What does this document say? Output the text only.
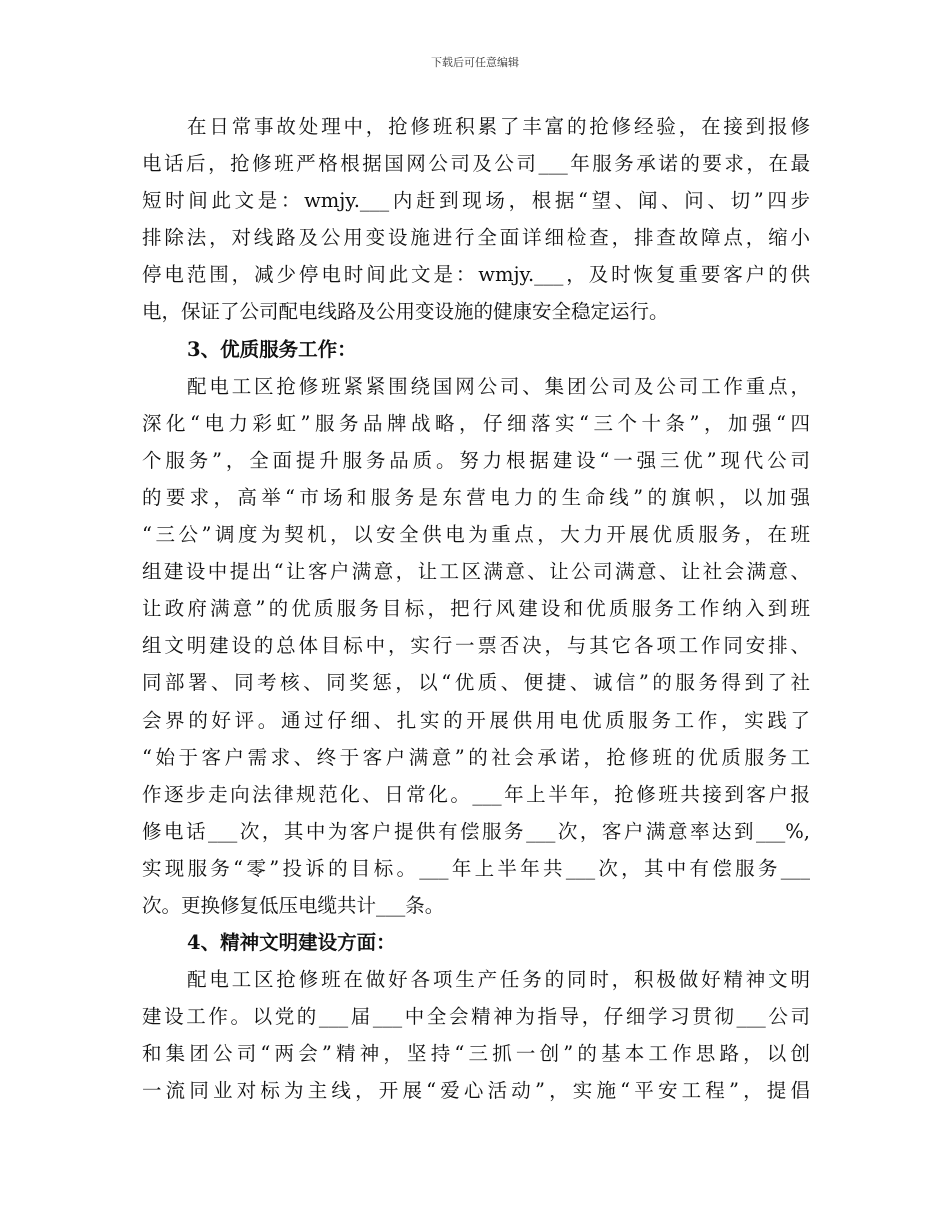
下载后可任意编辑
在日常事故处理中，抢修班积累了丰富的抢修经验，在接到报修
电话后，抢修班严格根据国网公司及公司___年服务承诺的要求，在最
短时间此文是：wmjy.___内赶到现场，根据“望、闻、问、切”四步
排除法，对线路及公用变设施进行全面详细检查，排查故障点，缩小
停电范围，减少停电时间此文是：wmjy.___，及时恢复重要客户的供
电，保证了公司配电线路及公用变设施的健康安全稳定运行。
3、优质服务工作：
配电工区抢修班紧紧围绕国网公司、集团公司及公司工作重点，
深化“电力彩虹”服务品牌战略，仔细落实“三个十条”，加强“四
个服务”，全面提升服务品质。努力根据建设“一强三优”现代公司
的要求，高举“市场和服务是东营电力的生命线”的旗帜，以加强
“三公”调度为契机，以安全供电为重点，大力开展优质服务，在班
组建设中提出“让客户满意，让工区满意、让公司满意、让社会满意、
让政府满意”的优质服务目标，把行风建设和优质服务工作纳入到班
组文明建设的总体目标中，实行一票否决，与其它各项工作同安排、
同部署、同考核、同奖惩，以“优质、便捷、诚信”的服务得到了社
会界的好评。通过仔细、扎实的开展供用电优质服务工作，实践了
“始于客户需求、终于客户满意”的社会承诺，抢修班的优质服务工
作逐步走向法律规范化、日常化。___年上半年，抢修班共接到客户报
修电话___次，其中为客户提供有偿服务___次，客户满意率达到___%,
实现服务“零”投诉的目标。___年上半年共___次，其中有偿服务___
次。更换修复低压电缆共计___条。
4、精神文明建设方面：
配电工区抢修班在做好各项生产任务的同时，积极做好精神文明
建设工作。以党的___届___中全会精神为指导，仔细学习贯彻___公司
和集团公司“两会”精神，坚持“三抓一创”的基本工作思路，以创
一流同业对标为主线，开展“爱心活动”，实施“平安工程”，提倡
